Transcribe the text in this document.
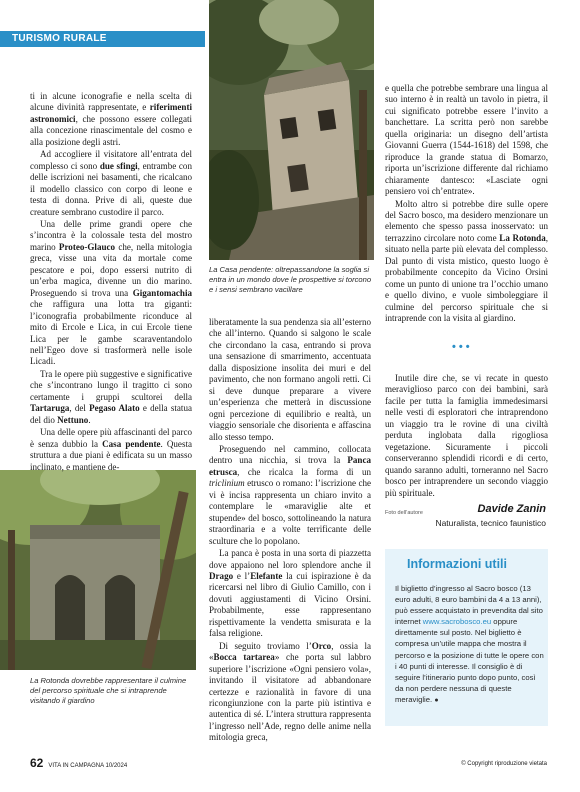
TURISMO RURALE
La Casa pendente: oltrepassandone la soglia si entra in un mondo dove le prospettive si torcono e i sensi sembrano vacillare
La Rotonda dovrebbe rappresentare il culmine del percorso spirituale che si intraprende visitando il giardino

ti in alcune iconografie e nella scelta di alcune divinità rappresentate, e riferimenti astronomici, che possono essere collegati alla concezione rinascimentale del cosmo e alla posizione degli astri.

Ad accogliere il visitatore all’entrata del complesso ci sono due sfingi, entrambe con delle iscrizioni nei basamenti, che ricalcano il modello classico con corpo di leone e testa di donna. Prive di ali, queste due creature sembrano custodire il parco.

Una delle prime grandi opere che s’incontra è la colossale testa del mostro marino Proteo-Glauco che, nella mitologia greca, visse una vita da mortale come pescatore e poi, dopo essersi nutrito di un’erba magica, divenne un dio marino. Proseguendo si trova una Gigantomachia che raffigura una lotta tra giganti: l’iconografia probabilmente riconduce al mito di Ercole e Lica, in cui Ercole tiene Lica per le gambe scaraventandolo nell’Egeo dove si trasformerà nelle isole Licadi.

Tra le opere più suggestive e significative che s’incontrano lungo il tragitto ci sono certamente i gruppi scultorei della Tartaruga, del Pegaso Alato e della statua del dio Nettuno.

Una delle opere più affascinanti del parco è senza dubbio la Casa pendente. Questa struttura a due piani è edificata su un masso inclinato, e mantiene de-

liberatamente la sua pendenza sia all’esterno che all’interno. Quando si salgono le scale che circondano la casa, entrando si prova una sensazione di smarrimento, accentuata dalla disposizione insolita dei muri e del pavimento, che non formano angoli retti. Ci si deve dunque preparare a vivere un’esperienza che metterà in discussione ogni percezione di equilibrio e realtà, un viaggio sensoriale che disorienta e affascina allo stesso tempo.

Proseguendo nel cammino, collocata dentro una nicchia, si trova la Panca etrusca, che ricalca la forma di un triclinium etrusco o romano: l’iscrizione che vi è incisa rappresenta un chiaro invito a contemplare le «maraviglie alte et stupende» del bosco, sottolineando la natura straordinaria e a volte terrificante delle sculture che lo popolano.

La panca è posta in una sorta di piazzetta dove appaiono nel loro splendore anche il Drago e l’Elefante la cui ispirazione è da ricercarsi nel libro di Giulio Camillo, con i dovuti aggiustamenti di Vicino Orsini. Probabilmente, esse rappresentano rispettivamente la vendetta smisurata e la falsa religione.

Di seguito troviamo l’Orco, ossia la «Bocca tartarea» che porta sul labbro superiore l’iscrizione «Ogni pensiero vola», invitando il visitatore ad abbandonare certezze e razionalità in favore di una ricongiunzione con la parte più istintiva e autentica di sé. L’intera struttura rappresenta l’ingresso nell’Ade, regno delle anime nella mitologia greca,

e quella che potrebbe sembrare una lingua al suo interno è in realtà un tavolo in pietra, il cui significato potrebbe essere l’invito a banchettare. La scritta però non sarebbe quella originaria: un disegno dell’artista Giovanni Guerra (1544-1618) del 1598, che riproduce la grande statua di Bomarzo, riporta un’iscrizione differente dal richiamo chiaramente dantesco: «Lasciate ogni pensiero voi ch’entrate».

Molto altro si potrebbe dire sulle opere del Sacro bosco, ma desidero menzionare un elemento che spesso passa inosservato: un terrazzino circolare noto come La Rotonda, situato nella parte più elevata del complesso. Dal punto di vista mistico, questo luogo è probabilmente concepito da Vicino Orsini come un punto di unione tra l’occhio umano e quello divino, e vuole simboleggiare il culmine del percorso spirituale che si intraprende con la visita al giardino.

•••

Inutile dire che, se vi recate in questo meraviglioso parco con dei bambini, sarà facile per tutta la famiglia immedesimarsi nelle vesti di esploratori che intraprendono un viaggio tra le rovine di una civiltà perduta inglobata dalla rigogliosa vegetazione. Sicuramente i piccoli conserveranno splendidi ricordi e di certo, quando saranno adulti, torneranno nel Sacro bosco per intraprendere un secondo viaggio più spirituale.

Foto dell’autore	Davide Zanin
Naturalista, tecnico faunistico
Informazioni utili
Il biglietto d’ingresso al Sacro bosco (13 euro adulti, 8 euro bambini da 4 a 13 anni), può essere acquistato in prevendita dal sito internet www.sacrobosco.eu oppure direttamente sul posto. Nel biglietto è compresa un’utile mappa che mostra il percorso e la posizione di tutte le opere con i 40 punti di interesse. Il consiglio è di seguire l’itinerario punto dopo punto, così da non perdere nessuna di queste meraviglie. ●
62 VITA IN CAMPAGNA 10/2024	© Copyright riproduzione vietata
